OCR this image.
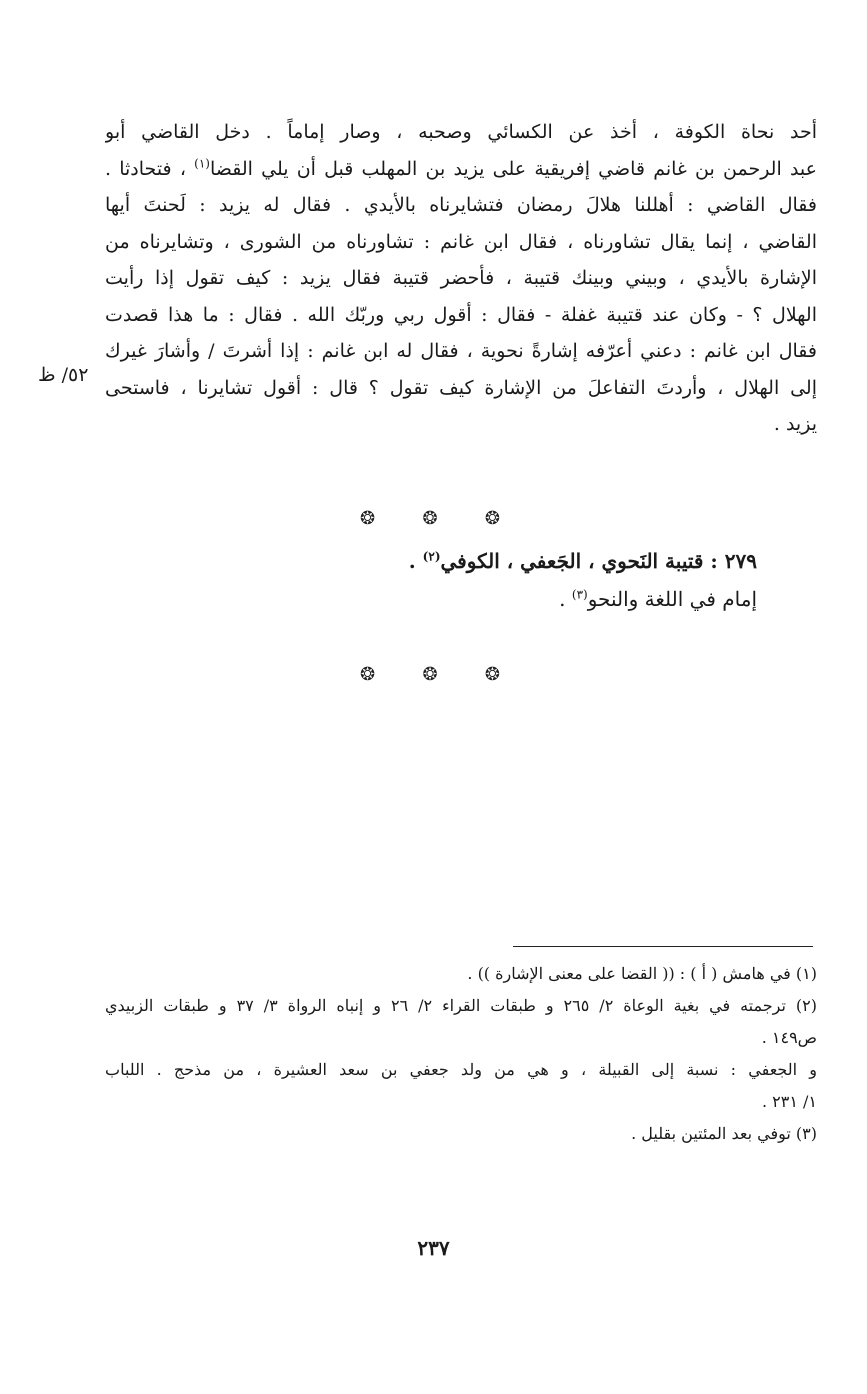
أحد نحاة الكوفة ، أخذ عن الكسائي وصحبه ، وصار إماماً . دخل القاضي أبو
عبد الرحمن بن غانم قاضي إفريقية على يزيد بن المهلب قبل أن يلي القضا$^{(١)}$ ، فتحادثا .
فقال القاضي : أهللنا هلالَ رمضان فتشايرناه بالأيدي . فقال له يزيد : لَحنتَ أيها
القاضي ، إنما يقال تشاورناه ، فقال ابن غانم : تشاورناه من الشورى ، وتشايرناه من
الإشارة بالأيدي ، وبيني وبينك قتيبة ، فأحضر قتيبة فقال يزيد : كيف تقول إذا رأيت
الهلال ؟ - وكان عند قتيبة غفلة - فقال : أقول ربي وربّك الله . فقال : ما هذا قصدت
فقال ابن غانم : دعني أعرّفه إشارةً نحوية ، فقال له ابن غانم : إذا أشرتَ / وأشارَ غيرك
إلى الهلال ، وأردتَ التفاعلَ من الإشارة كيف تقول ؟ قال : أقول تشايرنا ، فاستحى
يزيد .
٥٢/ ظ
❂	❂	❂
٢٧٩ : قتيبة النَحوي ، الجَعفي ، الكوفي$^{(٢)}$ .
إمام في اللغة والنحو$^{(٣)}$ .
❂	❂	❂
(١) في هامش ( أ ) : (( القضا على معنى الإشارة )) .
(٢) ترجمته في بغية الوعاة ٢/ ٢٦٥ و طبقات القراء ٢/ ٢٦ و إنباه الرواة ٣/ ٣٧ و طبقات الزبيدي
ص١٤٩ .
و الجعفي : نسبة إلى القبيلة ، و هي من ولد جعفي بن سعد العشيرة ، من مذحج . اللباب
١/ ٢٣١ .
(٣) توفي بعد المئتين بقليل .
٢٣٧
